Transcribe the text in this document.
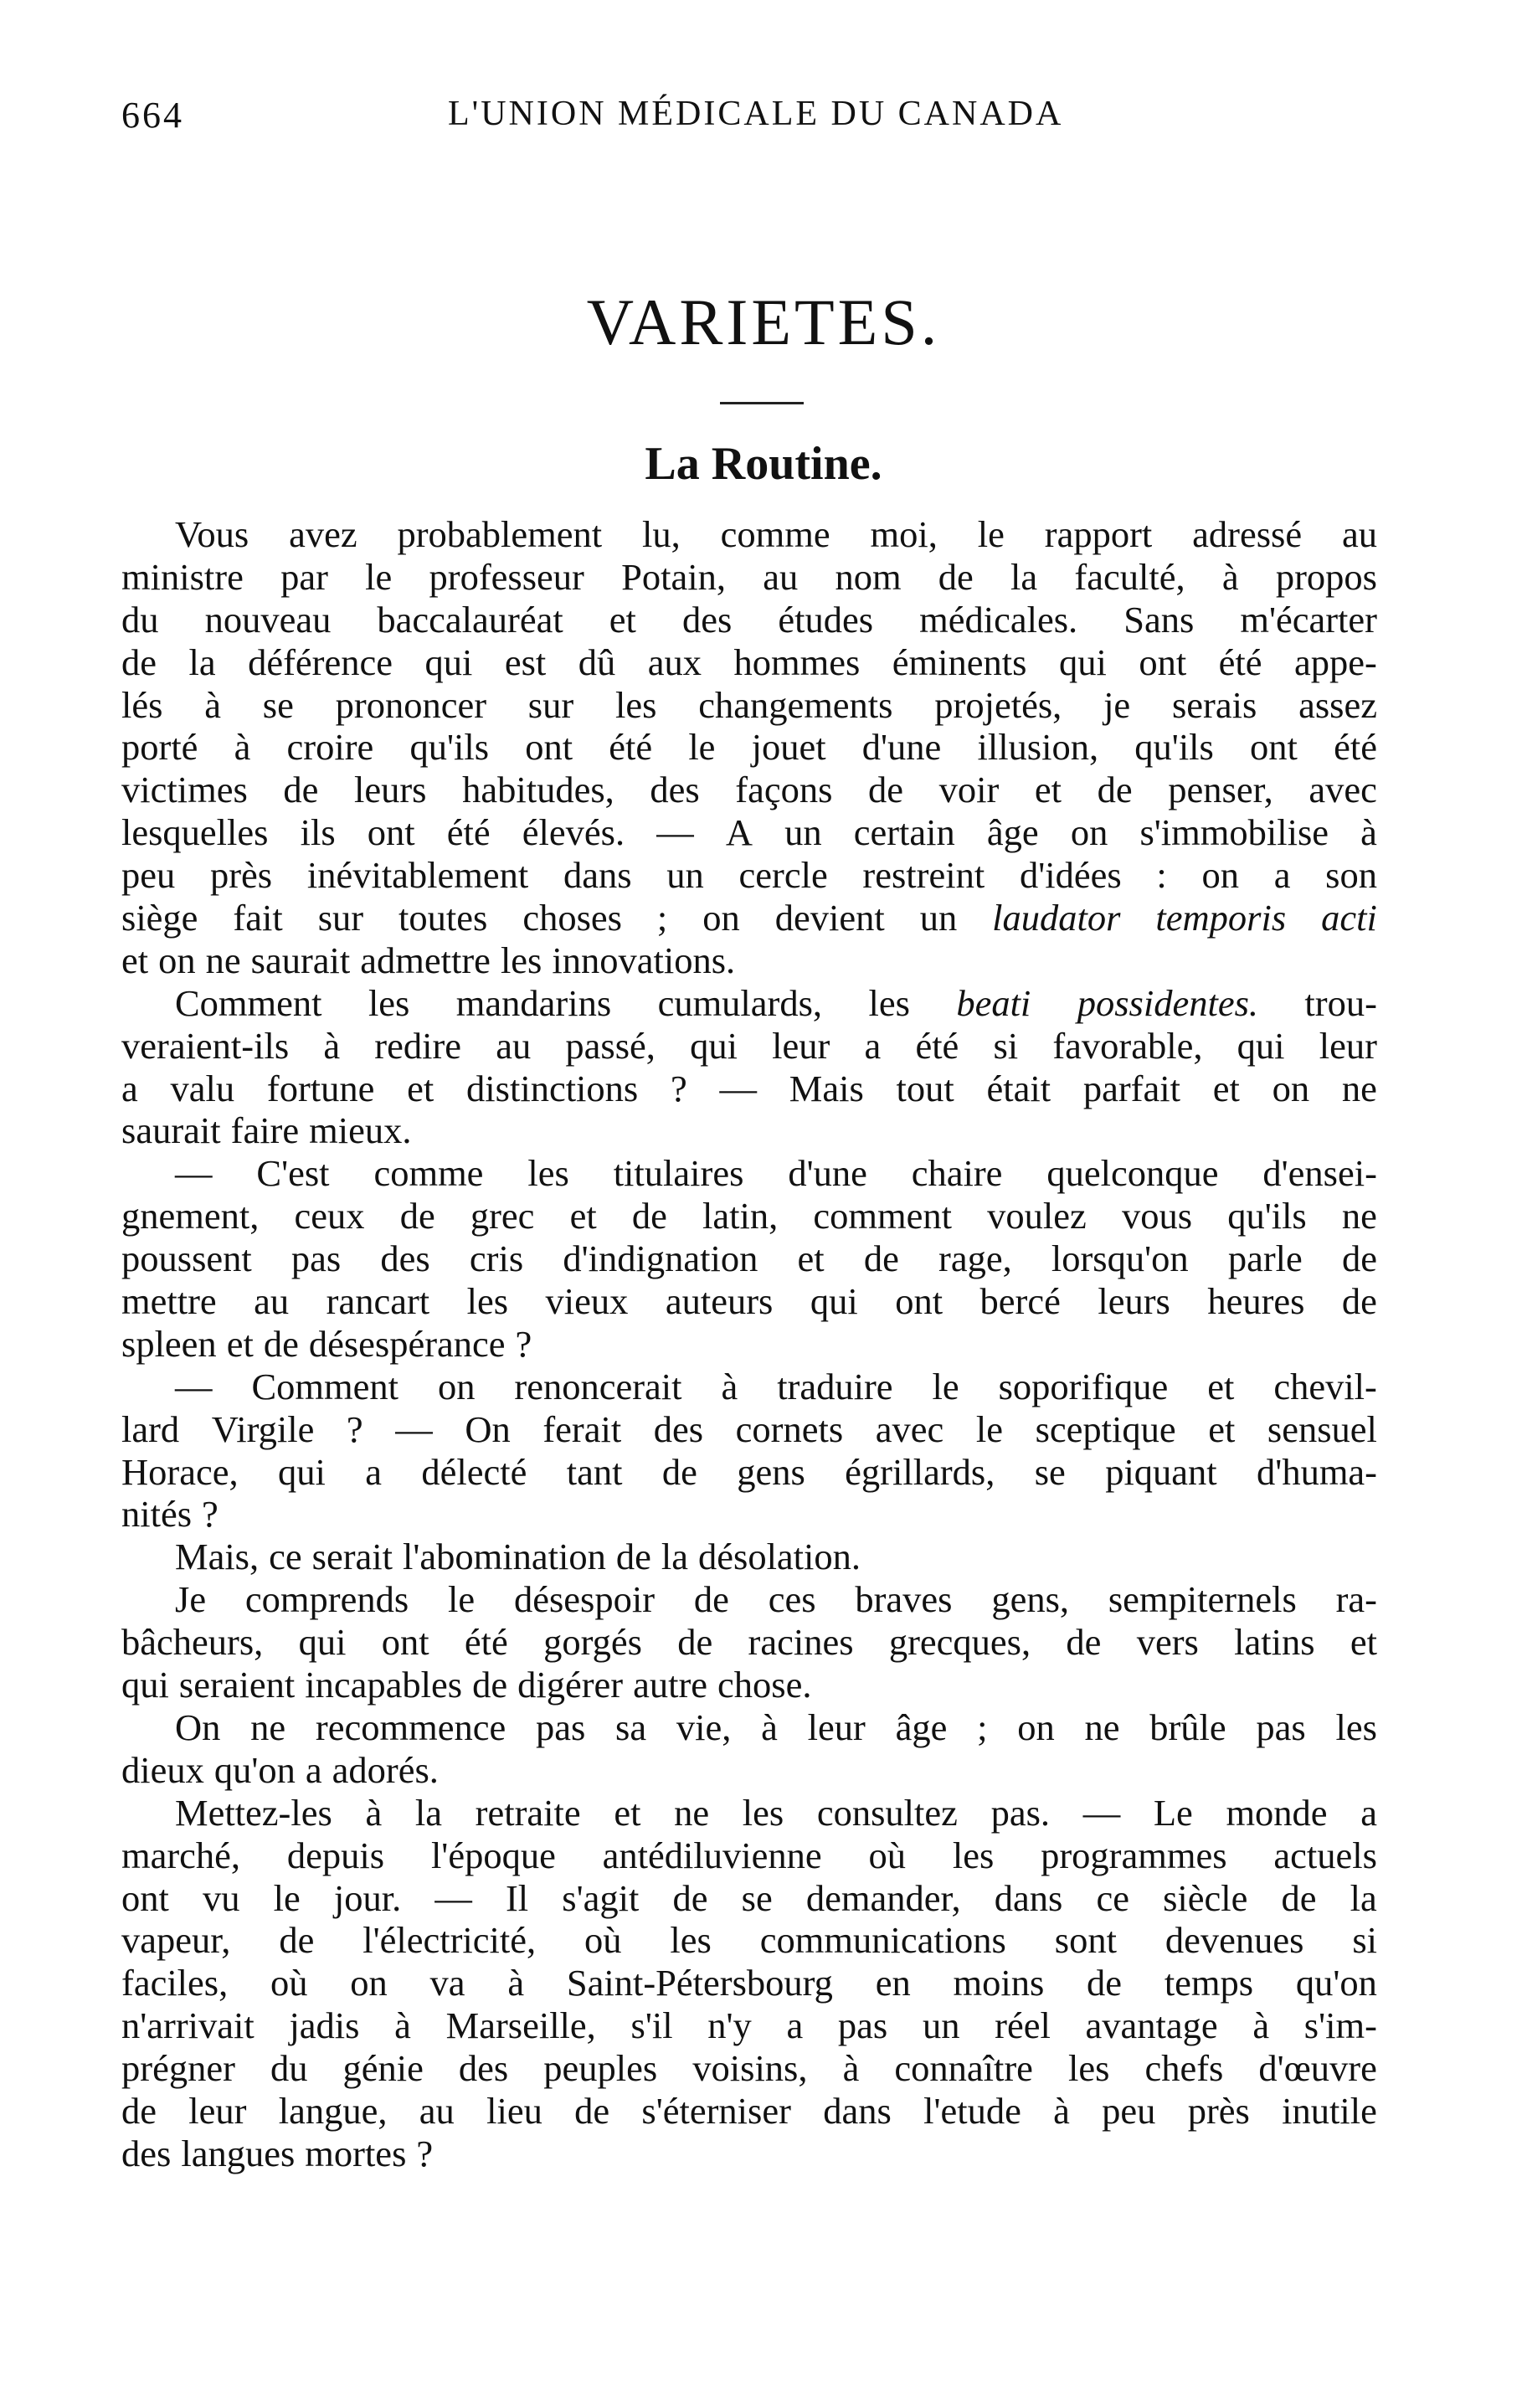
664	L'UNION MÉDICALE DU CANADA
VARIETES.
La Routine.
Vous avez probablement lu, comme moi, le rapport adressé au
ministre par le professeur Potain, au nom de la faculté, à propos
du nouveau baccalauréat et des études médicales. Sans m'écarter
de la déférence qui est dû aux hommes éminents qui ont été appe-
lés à se prononcer sur les changements projetés, je serais assez
porté à croire qu'ils ont été le jouet d'une illusion, qu'ils ont été
victimes de leurs habitudes, des façons de voir et de penser, avec
lesquelles ils ont été élevés. — A un certain âge on s'immobilise à
peu près inévitablement dans un cercle restreint d'idées : on a son
siège fait sur toutes choses ; on devient un laudator temporis acti
et on ne saurait admettre les innovations.
Comment les mandarins cumulards, les beati possidentes. trou-
veraient-ils à redire au passé, qui leur a été si favorable, qui leur
a valu fortune et distinctions ? — Mais tout était parfait et on ne
saurait faire mieux.
— C'est comme les titulaires d'une chaire quelconque d'ensei-
gnement, ceux de grec et de latin, comment voulez vous qu'ils ne
poussent pas des cris d'indignation et de rage, lorsqu'on parle de
mettre au rancart les vieux auteurs qui ont bercé leurs heures de
spleen et de désespérance ?
— Comment on renoncerait à traduire le soporifique et chevil-
lard Virgile ? — On ferait des cornets avec le sceptique et sensuel
Horace, qui a délecté tant de gens égrillards, se piquant d'huma-
nités ?
Mais, ce serait l'abomination de la désolation.
Je comprends le désespoir de ces braves gens, sempiternels ra-
bâcheurs, qui ont été gorgés de racines grecques, de vers latins et
qui seraient incapables de digérer autre chose.
On ne recommence pas sa vie, à leur âge ; on ne brûle pas les
dieux qu'on a adorés.
Mettez-les à la retraite et ne les consultez pas. — Le monde a
marché, depuis l'époque antédiluvienne où les programmes actuels
ont vu le jour. — Il s'agit de se demander, dans ce siècle de la
vapeur, de l'électricité, où les communications sont devenues si
faciles, où on va à Saint-Pétersbourg en moins de temps qu'on
n'arrivait jadis à Marseille, s'il n'y a pas un réel avantage à s'im-
prégner du génie des peuples voisins, à connaître les chefs d'œuvre
de leur langue, au lieu de s'éterniser dans l'etude à peu près inutile
des langues mortes ?
